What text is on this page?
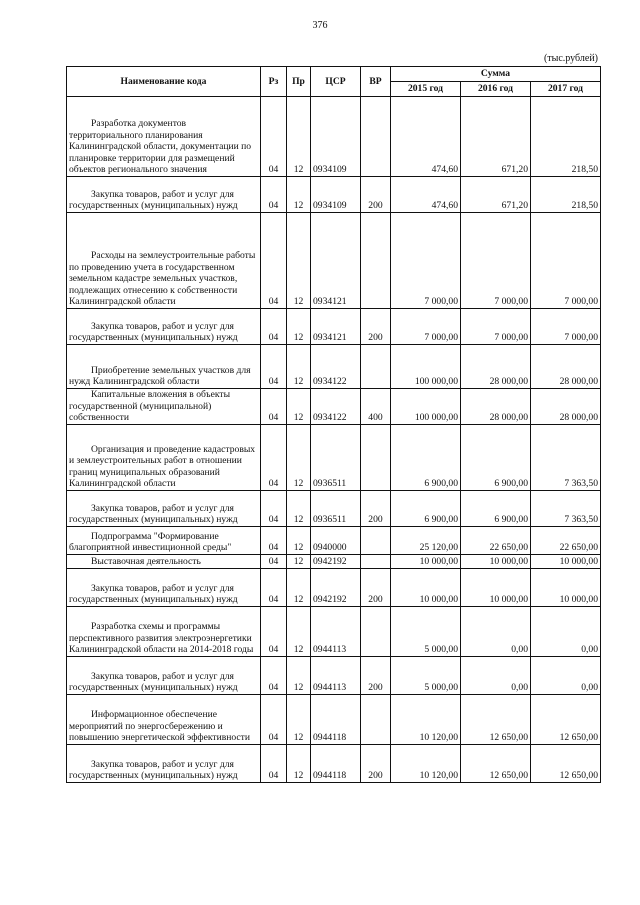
376
(тыс.рублей)
Наименование кода	Рз	Пр	ЦСР	ВР	Сумма		
					2015 год	2016 год	2017 год

Разработка документов территориального планирования Калининградской области, документации по планировке территории для размещений объектов регионального значения	04	12	0934109		474,60	671,20	218,50

Закупка товаров, работ и услуг для государственных (муниципальных) нужд	04	12	0934109	200	474,60	671,20	218,50

Расходы на землеустроительные работы по проведению учета в государственном земельном кадастре земельных участков, подлежащих отнесению к собственности Калининградской области	04	12	0934121		7 000,00	7 000,00	7 000,00

Закупка товаров, работ и услуг для государственных (муниципальных) нужд	04	12	0934121	200	7 000,00	7 000,00	7 000,00

Приобретение земельных участков для нужд Калининградской области	04	12	0934122		100 000,00	28 000,00	28 000,00

Капитальные вложения в объекты государственной (муниципальной) собственности	04	12	0934122	400	100 000,00	28 000,00	28 000,00

Организация и проведение кадастровых и землеустроительных работ в отношении границ муниципальных образований Калининградской области	04	12	0936511		6 900,00	6 900,00	7 363,50

Закупка товаров, работ и услуг для государственных (муниципальных) нужд	04	12	0936511	200	6 900,00	6 900,00	7 363,50

Подпрограмма "Формирование благоприятной инвестиционной среды"	04	12	0940000		25 120,00	22 650,00	22 650,00

Выставочная деятельность	04	12	0942192		10 000,00	10 000,00	10 000,00

Закупка товаров, работ и услуг для государственных (муниципальных) нужд	04	12	0942192	200	10 000,00	10 000,00	10 000,00

Разработка схемы и программы перспективного развития электроэнергетики Калининградской области на 2014-2018 годы	04	12	0944113		5 000,00	0,00	0,00

Закупка товаров, работ и услуг для государственных (муниципальных) нужд	04	12	0944113	200	5 000,00	0,00	0,00

Информационное обеспечение мероприятий по энергосбережению и повышению энергетической эффективности	04	12	0944118		10 120,00	12 650,00	12 650,00

Закупка товаров, работ и услуг для государственных (муниципальных) нужд	04	12	0944118	200	10 120,00	12 650,00	12 650,00
